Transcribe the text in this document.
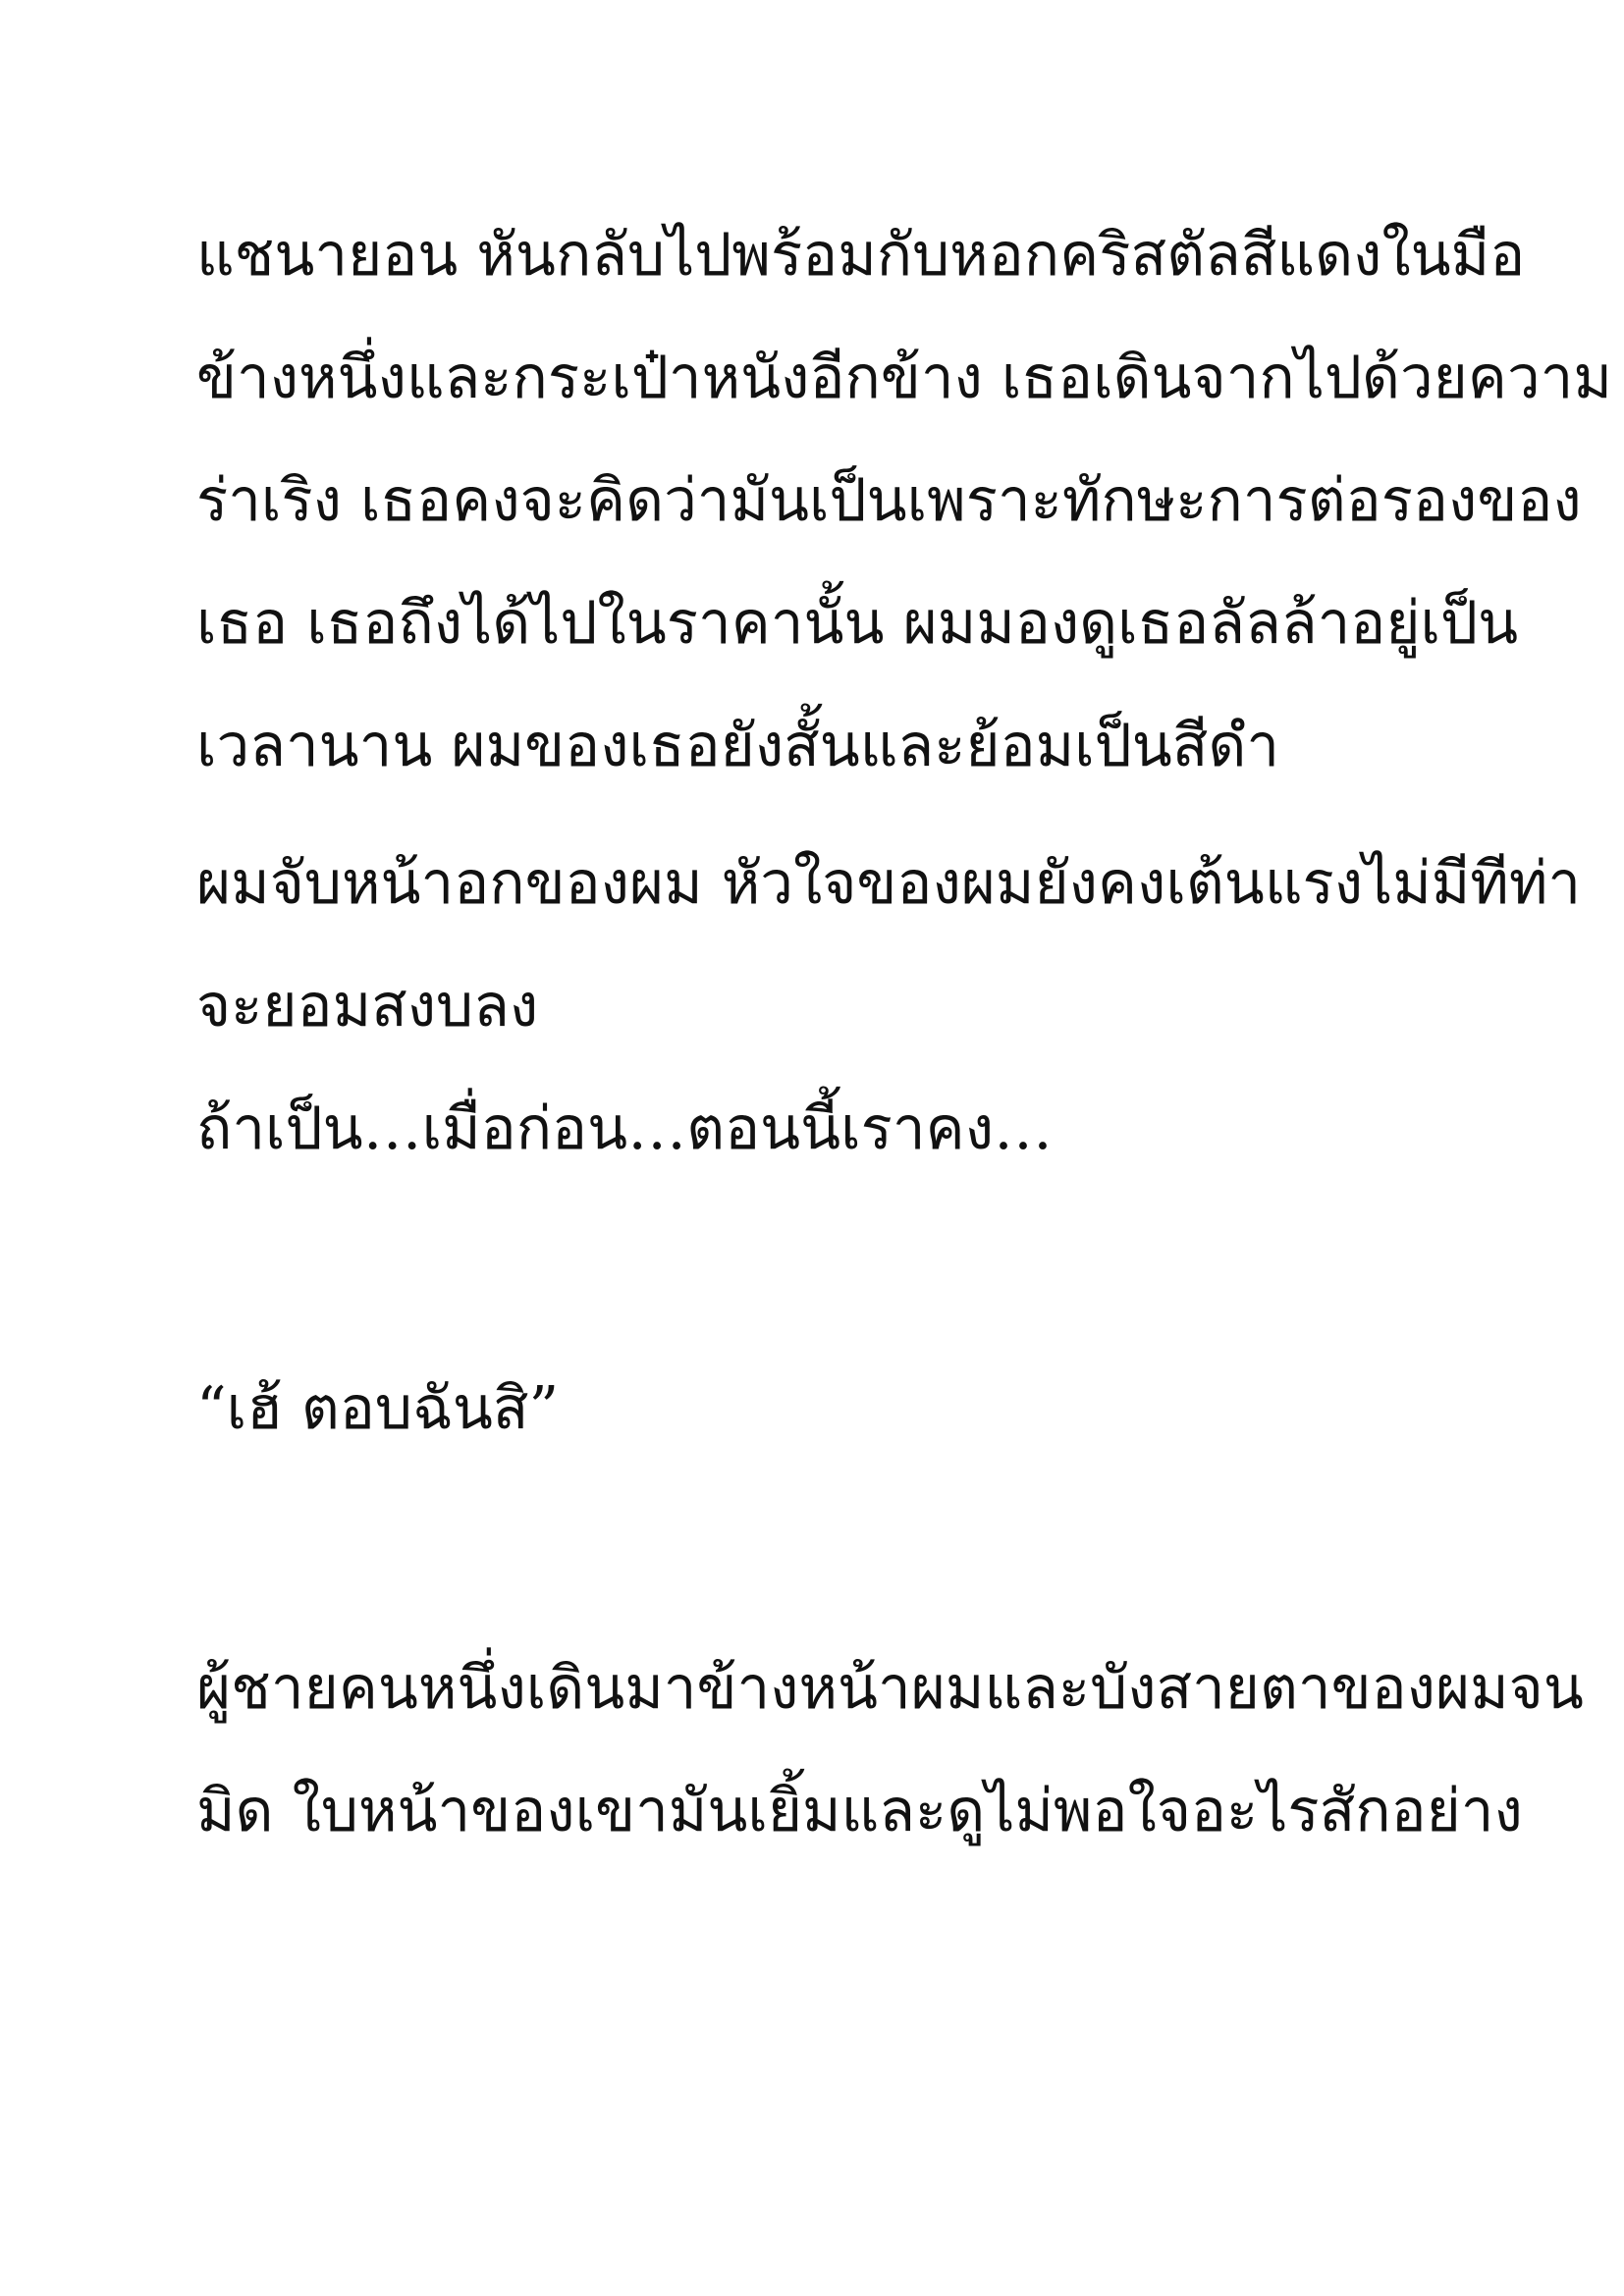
แชนายอน หันกลับไปพร้อมกับหอกคริสตัลสีแดงในมือ

ข้างหนึ่งและกระเป๋าหนังอีกข้าง เธอเดินจากไปด้วยความ

ร่าเริง เธอคงจะคิดว่ามันเป็นเพราะทักษะการต่อรองของ

เธอ เธอถึงได้ไปในราคานั้น ผมมองดูเธอลัลล้าอยู่เป็น

เวลานาน ผมของเธอยังสั้นและย้อมเป็นสีดำ

ผมจับหน้าอกของผม หัวใจของผมยังคงเต้นแรงไม่มีทีท่า

จะยอมสงบลง

ถ้าเป็น…เมื่อก่อน…ตอนนี้เราคง…

“เฮ้ ตอบฉันสิ”

ผู้ชายคนหนึ่งเดินมาข้างหน้าผมและบังสายตาของผมจน

มิด ใบหน้าของเขามันเยิ้มและดูไม่พอใจอะไรสักอย่าง
